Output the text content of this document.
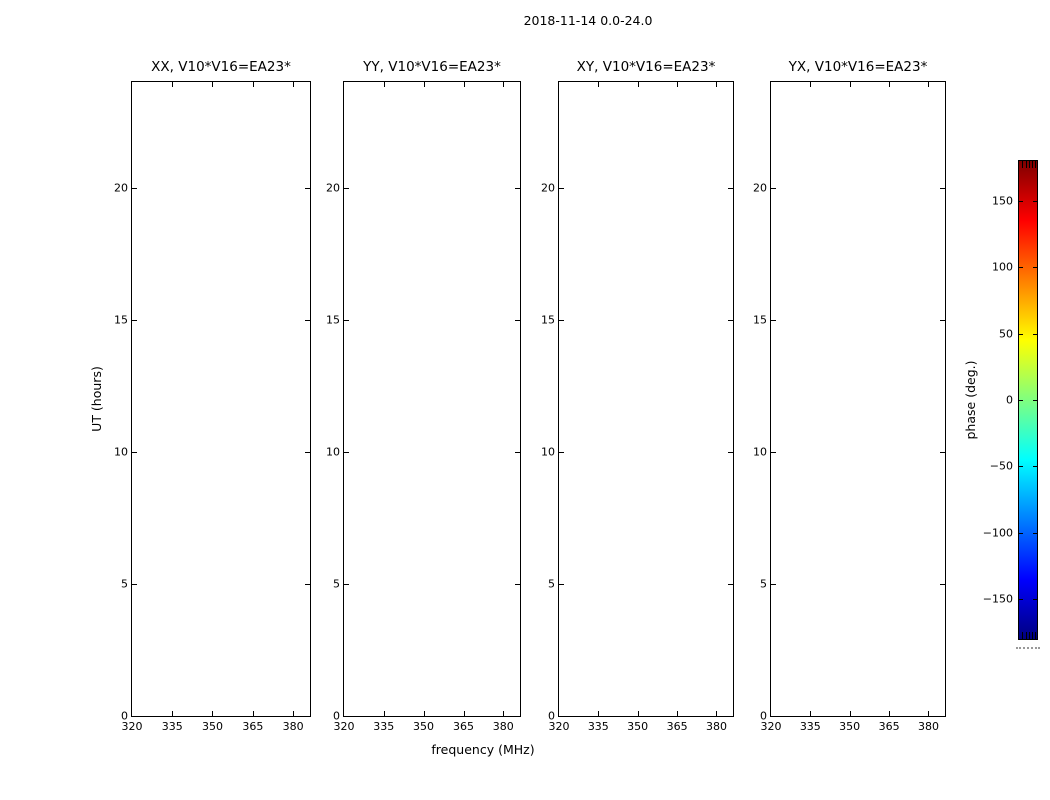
2018-11-14 0.0-24.0
XX, V10*V16=EA23*
320 335 350 365 380
0
5
10
15
20
YY, V10*V16=EA23*
320 335 350 365 380
0
5
10
15
20
XY, V10*V16=EA23*
320 335 350 365 380
0
5
10
15
20
YX, V10*V16=EA23*
320 335 350 365 380
0
5
10
15
20
UT (hours)
frequency (MHz)
150
100
50
0
−50
−100
−150
phase (deg.)
